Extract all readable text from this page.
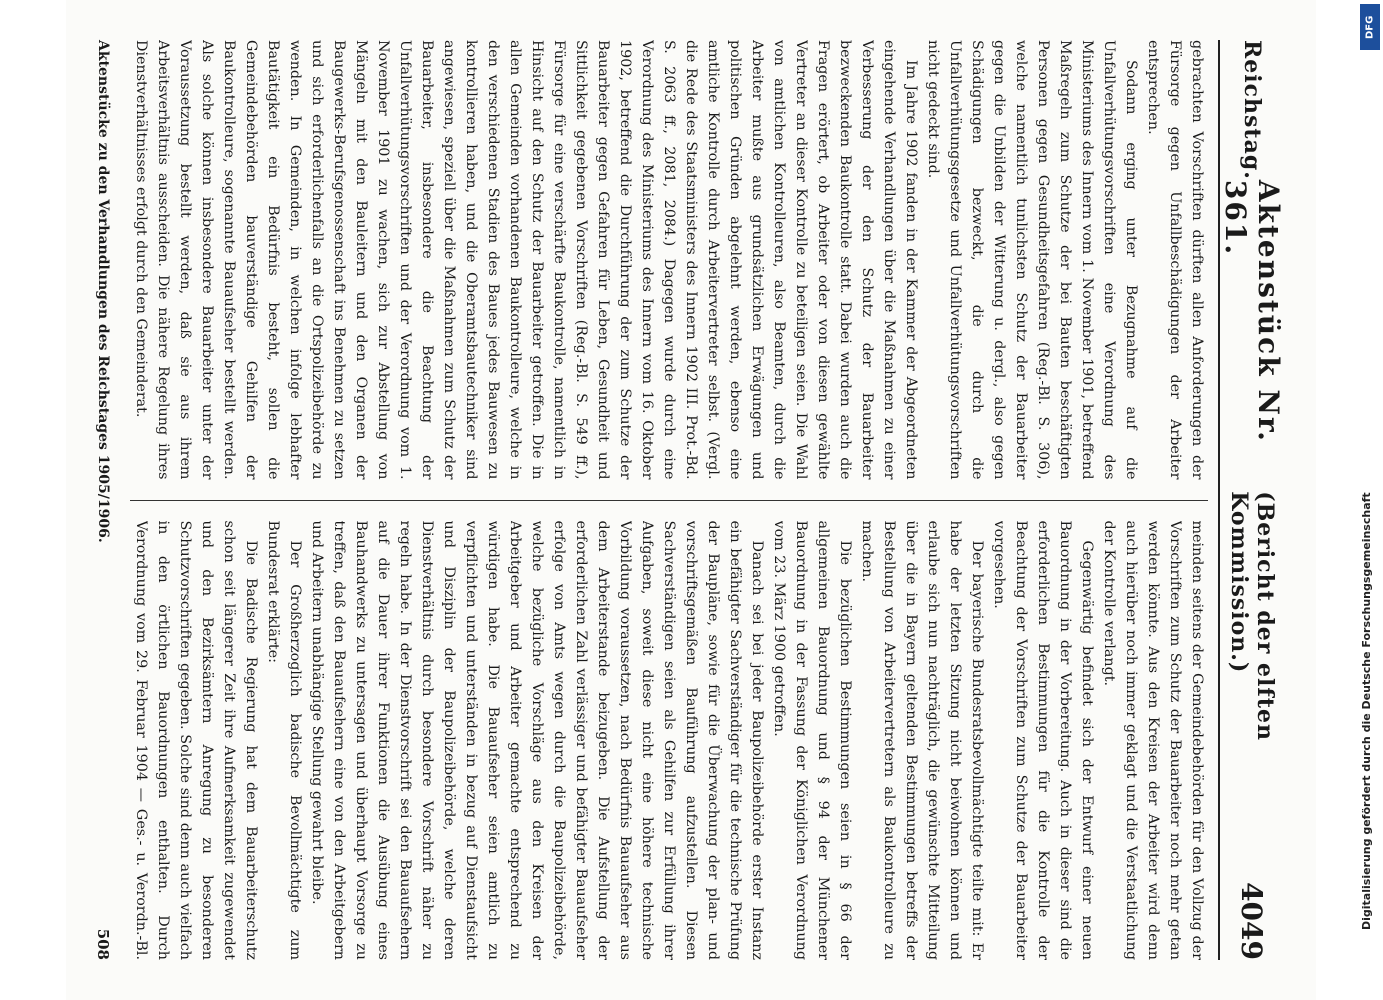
Reichstag.
Aktenstück Nr. 361.
(Bericht der elften Kommission.)
4049

gebrachten Vorschriften dürften allen Anforderungen der Fürsorge gegen Unfallbeschädigungen der Arbeiter entsprechen.

Sodann erging unter Bezugnahme auf die Unfallverhütungsvorschriften eine Verordnung des Ministeriums des Innern vom 1. November 1901, betreffend Maßregeln zum Schutze der bei Bauten beschäftigten Personen gegen Gesundheitsgefahren (Reg.-Bl. S. 306), welche namentlich tunlichsten Schutz der Bauarbeiter gegen die Unbilden der Witterung u. dergl., also gegen Schädigungen bezweckt, die durch die Unfallverhütungsgesetze und Unfallverhütungsvorschriften nicht gedeckt sind.

Im Jahre 1902 fanden in der Kammer der Abgeordneten eingehende Verhandlungen über die Maßnahmen zu einer Verbesserung der den Schutz der Bauarbeiter bezweckenden Baukontrolle statt. Dabei wurden auch die Fragen erörtert, ob Arbeiter oder von diesen gewählte Vertreter an dieser Kontrolle zu beteiligen seien. Die Wahl von amtlichen Kontrolleuren, also Beamten, durch die Arbeiter mußte aus grundsätzlichen Erwägungen und politischen Gründen abgelehnt werden, ebenso eine amtliche Kontrolle durch Arbeitervertreter selbst. (Vergl. die Rede des Staatsministers des Innern 1902 III. Prot.-Bd. S. 2063 ff., 2081, 2084.) Dagegen wurde durch eine Verordnung des Ministeriums des Innern vom 16. Oktober 1902, betreffend die Durchführung der zum Schutze der Bauarbeiter gegen Gefahren für Leben, Gesundheit und Sittlichkeit gegebenen Vorschriften (Reg.-Bl. S. 549 ff.), Fürsorge für eine verschärfte Baukontrolle, namentlich in Hinsicht auf den Schutz der Bauarbeiter getroffen. Die in allen Gemeinden vorhandenen Baukontrolleure, welche in den verschiedenen Stadien des Baues jedes Bauwesen zu kontrollieren haben, und die Oberamtsbautechniker sind angewiesen, speziell über die Maßnahmen zum Schutz der Bauarbeiter, insbesondere die Beachtung der Unfallverhütungsvorschriften und der Verordnung vom 1. November 1901 zu wachen, sich zur Abstellung von Mängeln mit den Bauleitern und den Organen der Baugewerks-Berufsgenossenschaft ins Benehmen zu setzen und sich erforderlichenfalls an die Ortspolizeibehörde zu wenden. In Gemeinden, in welchen infolge lebhafter Bautätigkeit ein Bedürfnis besteht, sollen die Gemeindebehörden bauverständige Gehilfen der Baukontrolleure, sogenannte Bauaufseher bestellt werden. Als solche können insbesondere Bauarbeiter unter der Voraussetzung bestellt werden, daß sie aus ihrem Arbeitsverhältnis ausscheiden. Die nähere Regelung ihres Dienstverhältnisses erfolgt durch den Gemeinderat.

meinden seitens der Gemeindebehörden für den Vollzug der Vorschriften zum Schutz der Bauarbeiter noch mehr getan werden könnte. Aus den Kreisen der Arbeiter wird denn auch hierüber noch immer geklagt und die Verstaatlichung der Kontrolle verlangt.

Gegenwärtig befindet sich der Entwurf einer neuen Bauordnung in der Vorbereitung. Auch in dieser sind die erforderlichen Bestimmungen für die Kontrolle der Beachtung der Vorschriften zum Schutze der Bauarbeiter vorgesehen.

Der bayerische Bundesratsbevollmächtigte teilte mit: Er habe der letzten Sitzung nicht beiwohnen können und erlaube sich nun nachträglich, die gewünschte Mitteilung über die in Bayern geltenden Bestimmungen betreffs der Bestellung von Arbeitervertretern als Baukontrolleure zu machen.

Die bezüglichen Bestimmungen seien in § 66 der allgemeinen Bauordnung und § 94 der Münchener Bauordnung in der Fassung der Königlichen Verordnung vom 23. März 1900 getroffen.

Danach sei bei jeder Baupolizeibehörde erster Instanz ein befähigter Sachverständiger für die technische Prüfung der Baupläne, sowie für die Überwachung der plan- und vorschriftsgemäßen Bauführung aufzustellen. Diesen Sachverständigen seien als Gehilfen zur Erfüllung ihrer Aufgaben, soweit diese nicht eine höhere technische Vorbildung voraussetzen, nach Bedürfnis Bauaufseher aus dem Arbeiterstande beizugeben. Die Aufstellung der erforderlichen Zahl verlässiger und befähigter Bauaufseher erfolge von Amts wegen durch die Baupolizeibehörde, welche bezügliche Vorschläge aus den Kreisen der Arbeitgeber und Arbeiter gemachte entsprechend zu würdigen habe. Die Bauaufseher seien amtlich zu verpflichten und unterständen in bezug auf Dienstaufsicht und Disziplin der Baupolizeibehörde, welche deren Dienstverhältnis durch besondere Vorschrift näher zu regeln habe. In der Dienstvorschrift sei den Bauaufsehern auf die Dauer ihrer Funktionen die Ausübung eines Bauhandwerks zu untersagen und überhaupt Vorsorge zu treffen, daß den Bauaufsehern eine von den Arbeitgebern und Arbeitern unabhängige Stellung gewahrt bleibe.

Der Großherzoglich badische Bevollmächtigte zum Bundesrat erklärte:

Die Badische Regierung hat dem Bauarbeiterschutz schon seit längerer Zeit ihre Aufmerksamkeit zugewendet und den Bezirksämtern Anregung zu besonderen Schutzvorschriften gegeben. Solche sind denn auch vielfach in den örtlichen Bauordnungen enthalten. Durch Verordnung vom 29. Februar 1904 — Ges.- u. Verordn.-Bl.

Aktenstücke zu den Verhandlungen des Reichstages 1905/1906.
508
Digitalisierung gefördert durch die Deutsche Forschungsgemeinschaft
DFG
